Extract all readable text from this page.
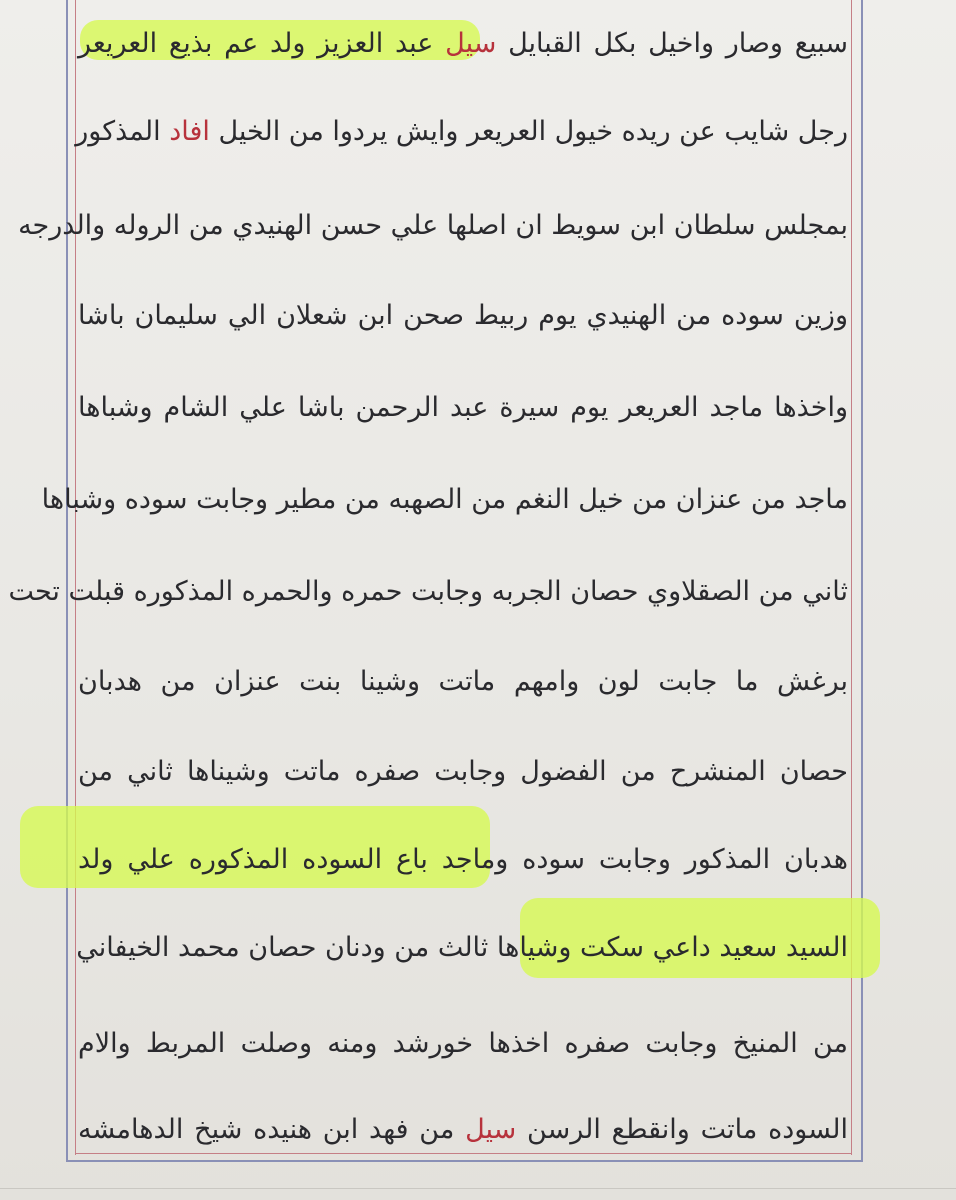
سبيع وصار واخيل بكل القبايل سيل عبد العزيز ولد عم بذيع العريعر
رجل شايب عن ريده خيول العريعر وايش يردوا من الخيل افاد المذكور
بمجلس سلطان ابن سويط ان اصلها علي حسن الهنيدي من الروله والدرجه
وزين سوده من الهنيدي يوم ربيط صحن ابن شعلان الي سليمان باشا
واخذها ماجد العريعر يوم سيرة عبد الرحمن باشا علي الشام وشباها
ماجد من عنزان من خيل النغم من الصهبه من مطير وجابت سوده وشباها
ثاني من الصقلاوي حصان الجربه وجابت حمره والحمره المذكوره قبلت تحت
برغش ما جابت لون وامهم ماتت وشينا بنت عنزان من هدبان
حصان المنشرح من الفضول وجابت صفره ماتت وشيناها ثاني من
هدبان المذكور وجابت سوده وماجد باع السوده المذكوره علي ولد
السيد سعيد داعي سكت وشياها ثالث من ودنان حصان محمد الخيفاني
من المنيخ وجابت صفره اخذها خورشد ومنه وصلت المربط والام
السوده ماتت وانقطع الرسن سيل من فهد ابن هنيده شيخ الدهامشه
